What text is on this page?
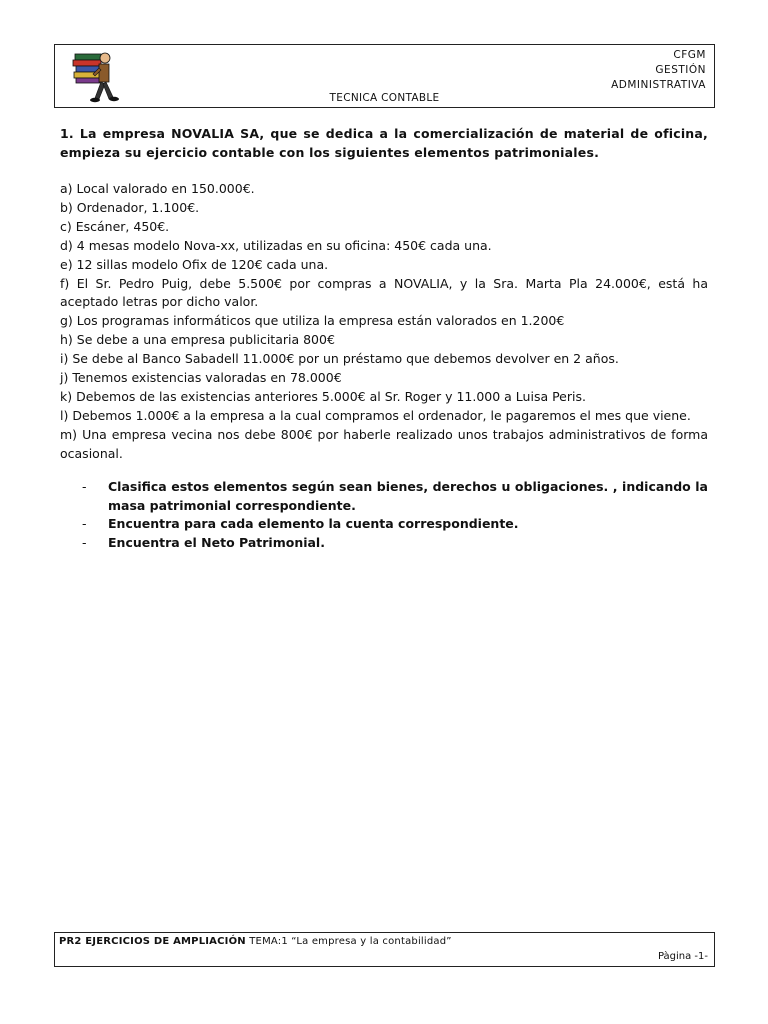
CFGM
GESTIÓN
ADMINISTRATIVA
TECNICA CONTABLE
1. La empresa NOVALIA SA, que se dedica a la comercialización de material de oficina, empieza su ejercicio contable con los siguientes elementos patrimoniales.
a) Local valorado en 150.000€.
b) Ordenador, 1.100€.
c) Escáner, 450€.
d) 4 mesas modelo Nova-xx, utilizadas en su oficina: 450€ cada una.
e) 12 sillas modelo Ofix de 120€ cada una.
f) El Sr. Pedro Puig, debe 5.500€ por compras a NOVALIA, y la Sra. Marta Pla 24.000€, está ha aceptado letras por dicho valor.
g) Los programas informáticos que utiliza la empresa están valorados en 1.200€
h) Se debe a una empresa publicitaria 800€
i) Se debe al Banco Sabadell 11.000€ por un préstamo que debemos devolver en 2 años.
j) Tenemos existencias valoradas en 78.000€
k) Debemos de las existencias anteriores 5.000€ al Sr. Roger y 11.000 a Luisa Peris.
l) Debemos 1.000€ a la empresa a la cual compramos el ordenador, le pagaremos el mes que viene.
m) Una empresa vecina nos debe 800€ por haberle realizado unos trabajos administrativos de forma ocasional.
-	Clasifica estos elementos según sean bienes, derechos u obligaciones. , indicando la masa patrimonial correspondiente.
-	Encuentra para cada elemento la cuenta correspondiente.
-	Encuentra el Neto Patrimonial.
PR2 EJERCICIOS DE AMPLIACIÓN TEMA:1 “La empresa y la contabilidad”
Pàgina -1-
